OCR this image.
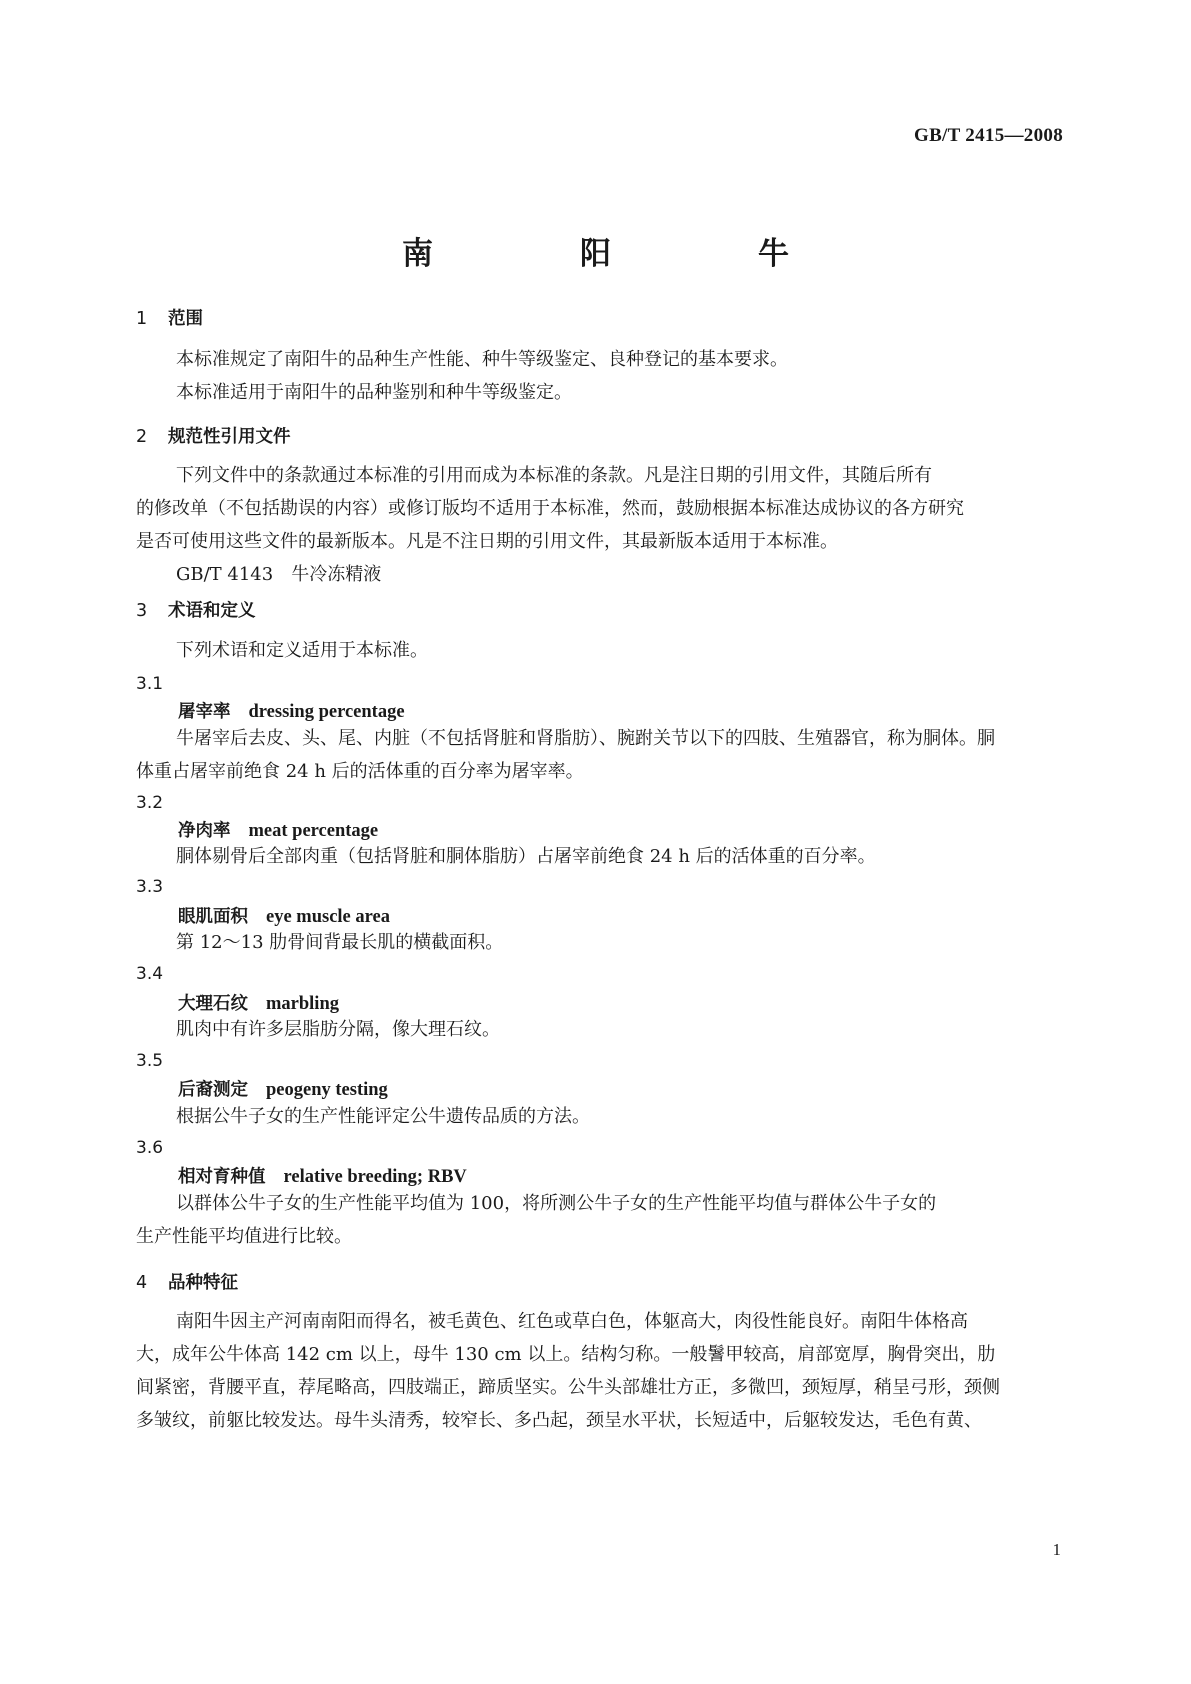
GB/T 2415—2008
南　阳　牛
1 范围
本标准规定了南阳牛的品种生产性能、种牛等级鉴定、良种登记的基本要求。
本标准适用于南阳牛的品种鉴别和种牛等级鉴定。
2 规范性引用文件
下列文件中的条款通过本标准的引用而成为本标准的条款。凡是注日期的引用文件，其随后所有
的修改单（不包括勘误的内容）或修订版均不适用于本标准，然而，鼓励根据本标准达成协议的各方研究
是否可使用这些文件的最新版本。凡是不注日期的引用文件，其最新版本适用于本标准。
GB/T 4143　牛冷冻精液
3 术语和定义
下列术语和定义适用于本标准。
3.1
屠宰率 dressing percentage
牛屠宰后去皮、头、尾、内脏（不包括肾脏和肾脂肪）、腕跗关节以下的四肢、生殖器官，称为胴体。胴
体重占屠宰前绝食 24 h 后的活体重的百分率为屠宰率。
3.2
净肉率 meat percentage
胴体剔骨后全部肉重（包括肾脏和胴体脂肪）占屠宰前绝食 24 h 后的活体重的百分率。
3.3
眼肌面积 eye muscle area
第 12～13 肋骨间背最长肌的横截面积。
3.4
大理石纹 marbling
肌肉中有许多层脂肪分隔，像大理石纹。
3.5
后裔测定 peogeny testing
根据公牛子女的生产性能评定公牛遗传品质的方法。
3.6
相对育种值 relative breeding; RBV
以群体公牛子女的生产性能平均值为 100，将所测公牛子女的生产性能平均值与群体公牛子女的
生产性能平均值进行比较。
4 品种特征
南阳牛因主产河南南阳而得名，被毛黄色、红色或草白色，体躯高大，肉役性能良好。南阳牛体格高
大，成年公牛体高 142 cm 以上，母牛 130 cm 以上。结构匀称。一般鬐甲较高，肩部宽厚，胸骨突出，肋
间紧密，背腰平直，荐尾略高，四肢端正，蹄质坚实。公牛头部雄壮方正，多微凹，颈短厚，稍呈弓形，颈侧
多皱纹，前躯比较发达。母牛头清秀，较窄长、多凸起，颈呈水平状，长短适中，后躯较发达，毛色有黄、
1
